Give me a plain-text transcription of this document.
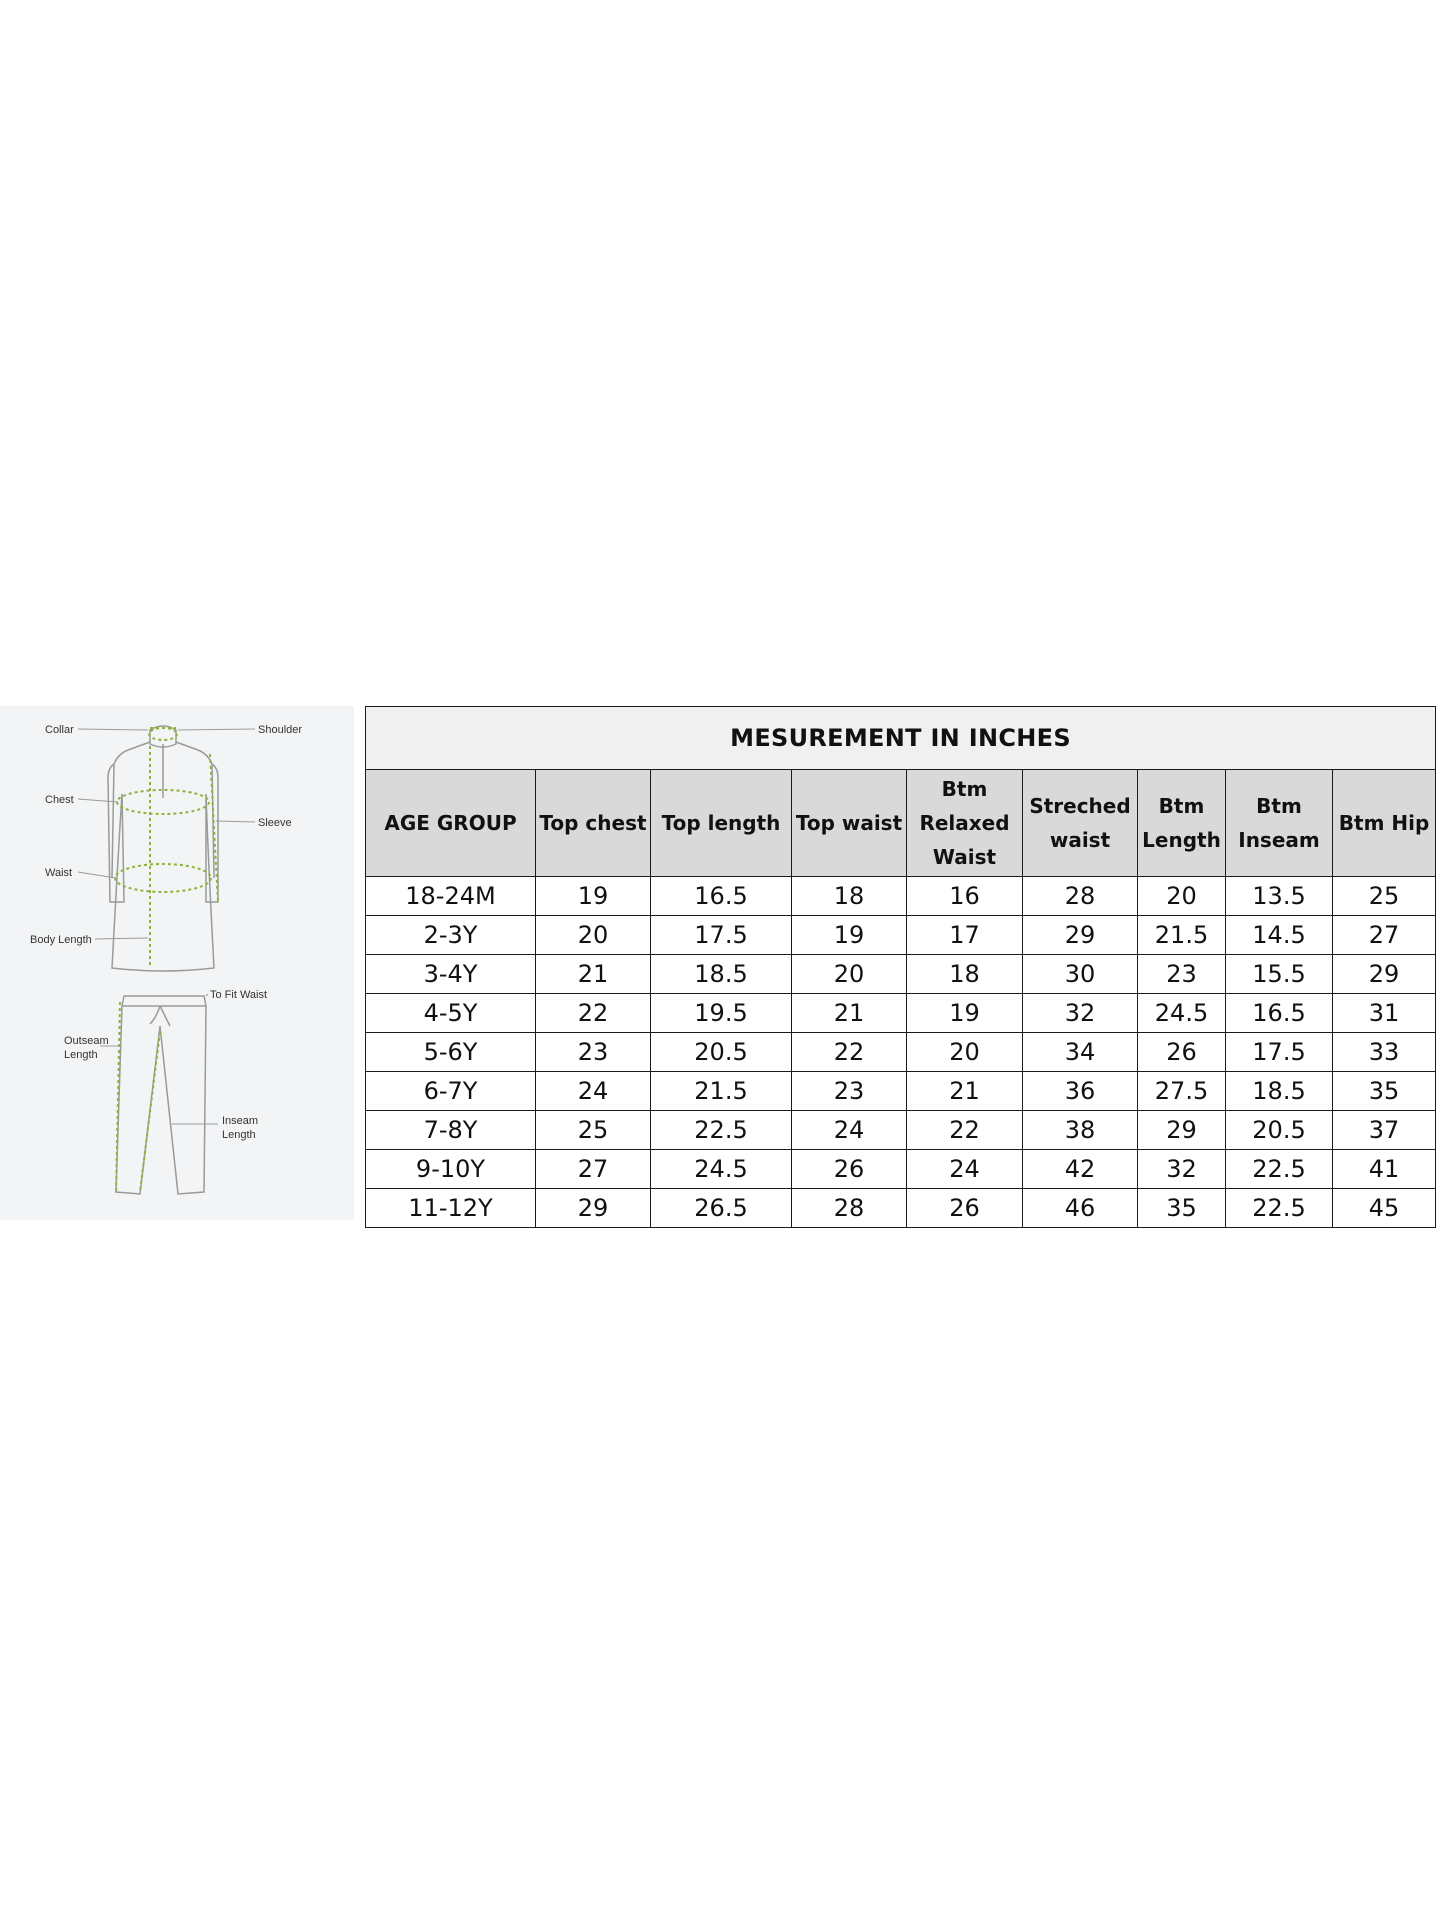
Collar	Shoulder
Chest
Sleeve
Waist
Body Length
To Fit Waist
Outseam
Length
Inseam
Length
MESUREMENT IN INCHES								
AGE GROUP	Top chest	Top length	Top waist	Btm Relaxed Waist	Streched waist	Btm Length	Btm Inseam	Btm Hip
18-24M	19	16.5	18	16	28	20	13.5	25
2-3Y	20	17.5	19	17	29	21.5	14.5	27
3-4Y	21	18.5	20	18	30	23	15.5	29
4-5Y	22	19.5	21	19	32	24.5	16.5	31
5-6Y	23	20.5	22	20	34	26	17.5	33
6-7Y	24	21.5	23	21	36	27.5	18.5	35
7-8Y	25	22.5	24	22	38	29	20.5	37
9-10Y	27	24.5	26	24	42	32	22.5	41
11-12Y	29	26.5	28	26	46	35	22.5	45
